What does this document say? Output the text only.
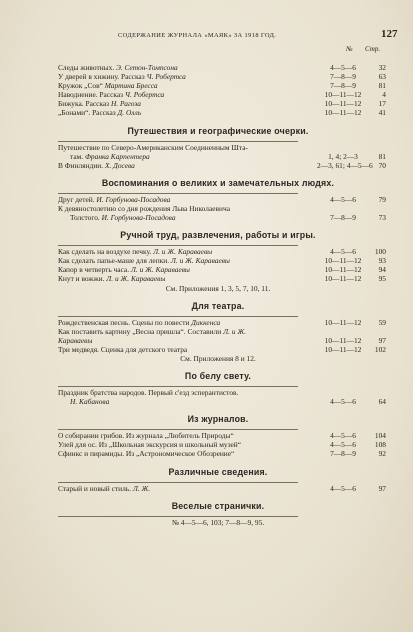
СОДЕРЖАНИЕ ЖУРНАЛА «МАЯК» ЗА 1918 ГОД.	127
№ Стр.
Следы животных. Э. Сетон-Томпсона	4—5—6	32
У дверей в хижину. Рассказ Ч. Робертса	7—8—9	63
Кружок „Сов“ Мартина Бресса	7—8—9	81
Наводнение. Рассказ Ч. Робертса	10—11—12	4
Бижука. Рассказ Н. Рагоза	10—11—12	17
„Бонами“. Рассказ Д. Олль	10—11—12	41
Путешествия и географические очерки.
Путешествие по Северо-Американским Соединенным Шта-
там. Франка Карпентера	1, 4; 2—3	81
В Финляндии. Х. Досева	2—3, 61; 4—5—6 70
Воспоминания о великих и замечательных людях.
Друг детей. И. Горбунова-Посадова	4—5—6	79
К девяностолетию со дня рождения Льва Николаевича
Толстого. И. Горбунова-Посадова	7—8—9	73
Ручной труд, развлечения, работы и игры.
Как сделать на воздухе печку. Л. и Ж. Караваевы	4—5—6	100
Как сделать папье-маше для лепки. Л. и Ж. Караваевы	10—11—12	93
Капор в четверть часа. Л. и Ж. Караваевы	10—11—12	94
Кнут и вожжи. Л. и Ж. Караваевы	10—11—12	95
См. Приложения 1, 3, 5, 7, 10, 11.
Для театра.
Рождественская песнь. Сцены по повести Диккенса	10—11—12	59
Как поставить картину „Весна пришла“. Составили Л. и Ж.
Караваевы	10—11—12	97
Три медведя. Сценка для детского театра	10—11—12	102
См. Приложения 8 и 12.
По белу свету.
Праздник братства народов. Первый с'езд эсперантистов.
Н. Кабанова	4—5—6	64
Из журналов.
О собирании грибов. Из журнала „Любитель Природы“	4—5—6	104
Улей для ос. Из „Школьная экскурсия и школьный музей“	4—5—6	108
Сфинкс и пирамиды. Из „Астрономическое Обозрение“	7—8—9	92
Различные сведения.
Старый и новый стиль. Л. Ж.	4—5—6	97
Веселые странички.
№ 4—5—6, 103; 7—8—9, 95.
